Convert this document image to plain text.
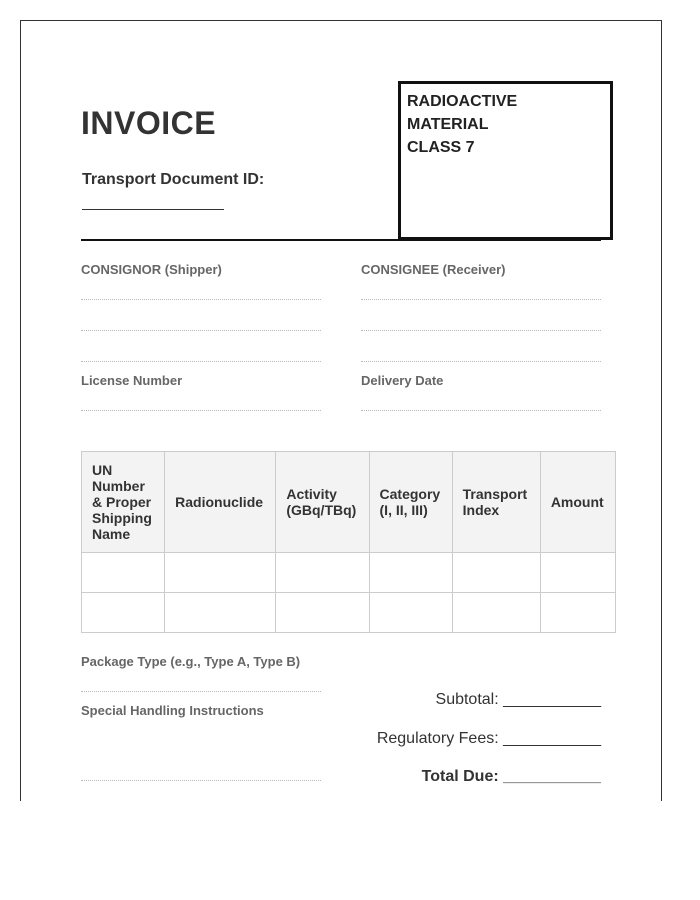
INVOICE
Transport Document ID:
RADIOACTIVE
MATERIAL
CLASS 7
CONSIGNOR (Shipper)	CONSIGNEE (Receiver)
License Number	Delivery Date
UN Number & Proper Shipping Name	Radionuclide	Activity (GBq/TBq)	Category (I, II, III)	Transport Index	Amount

Package Type (e.g., Type A, Type B)
Special Handling Instructions
Subtotal: ___________
Regulatory Fees: ___________
Total Due: ___________
